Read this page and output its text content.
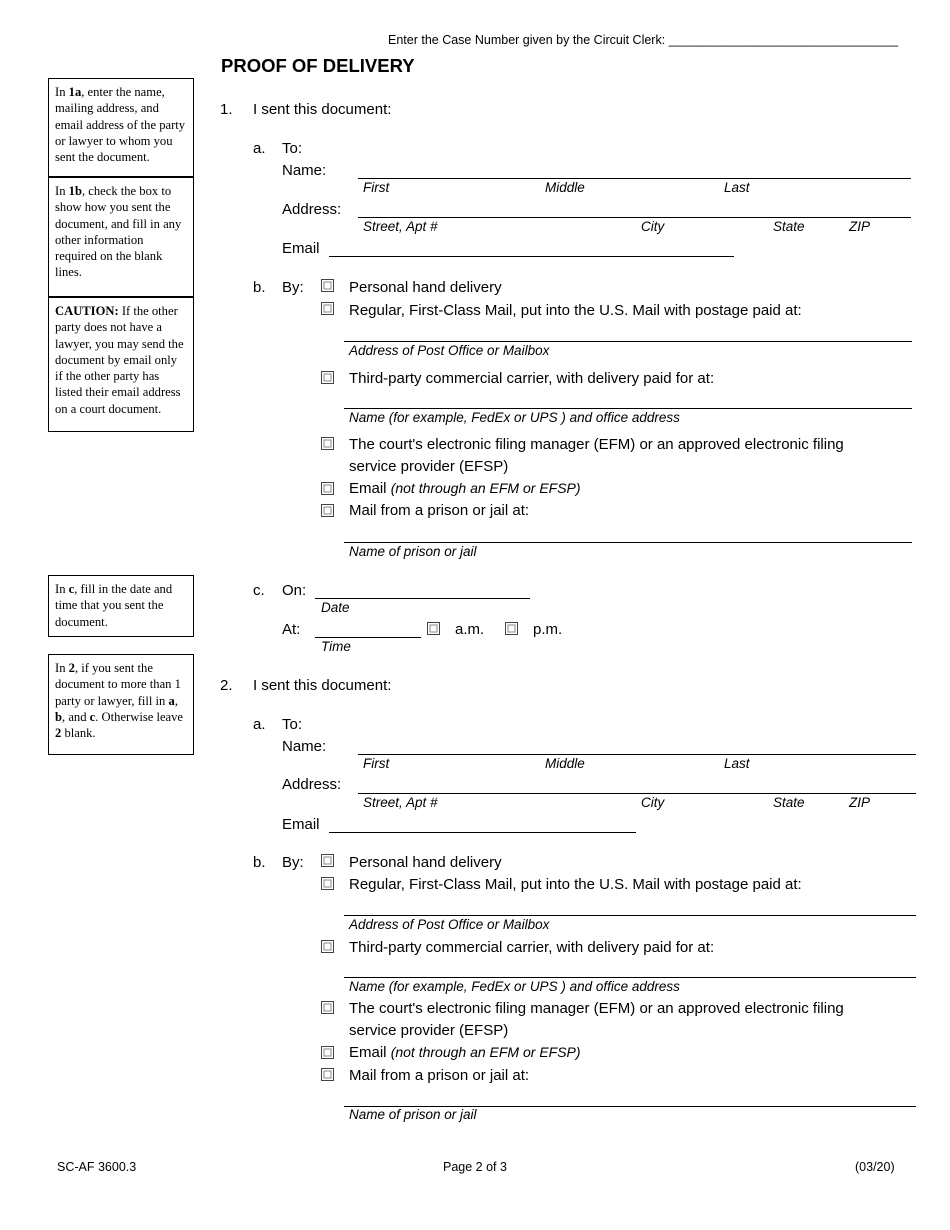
Enter the Case Number given by the Circuit Clerk: _________________________________
PROOF OF DELIVERY
In 1a, enter the name, mailing address, and email address of the party or lawyer to whom you sent the document.
In 1b, check the box to show how you sent the document, and fill in any other information required on the blank lines.
CAUTION: If the other party does not have a lawyer, you may send the document by email only if the other party has listed their email address on a court document.
In c, fill in the date and time that you sent the document.
In 2, if you sent the document to more than 1 party or lawyer, fill in a, b, and c. Otherwise leave 2 blank.
1. I sent this document:
a. To:
Name:
First	Middle	Last
Address:
Street, Apt #	City	State	ZIP
Email
b. By:	Personal hand delivery
Regular, First-Class Mail, put into the U.S. Mail with postage paid at:
Address of Post Office or Mailbox
Third-party commercial carrier, with delivery paid for at:
Name (for example, FedEx or UPS ) and office address
The court's electronic filing manager (EFM) or an approved electronic filing
service provider (EFSP)
Email (not through an EFM or EFSP)
Mail from a prison or jail at:
Name of prison or jail
c. On:
Date
At:
Time
a.m.	p.m.
2. I sent this document:
a. To:
Name:
First	Middle	Last
Address:
Street, Apt #	City	State	ZIP
Email
b. By:	Personal hand delivery
Regular, First-Class Mail, put into the U.S. Mail with postage paid at:
Address of Post Office or Mailbox
Third-party commercial carrier, with delivery paid for at:
Name (for example, FedEx or UPS ) and office address
The court's electronic filing manager (EFM) or an approved electronic filing
service provider (EFSP)
Email (not through an EFM or EFSP)
Mail from a prison or jail at:
Name of prison or jail
SC-AF 3600.3	Page 2 of 3	(03/20)
